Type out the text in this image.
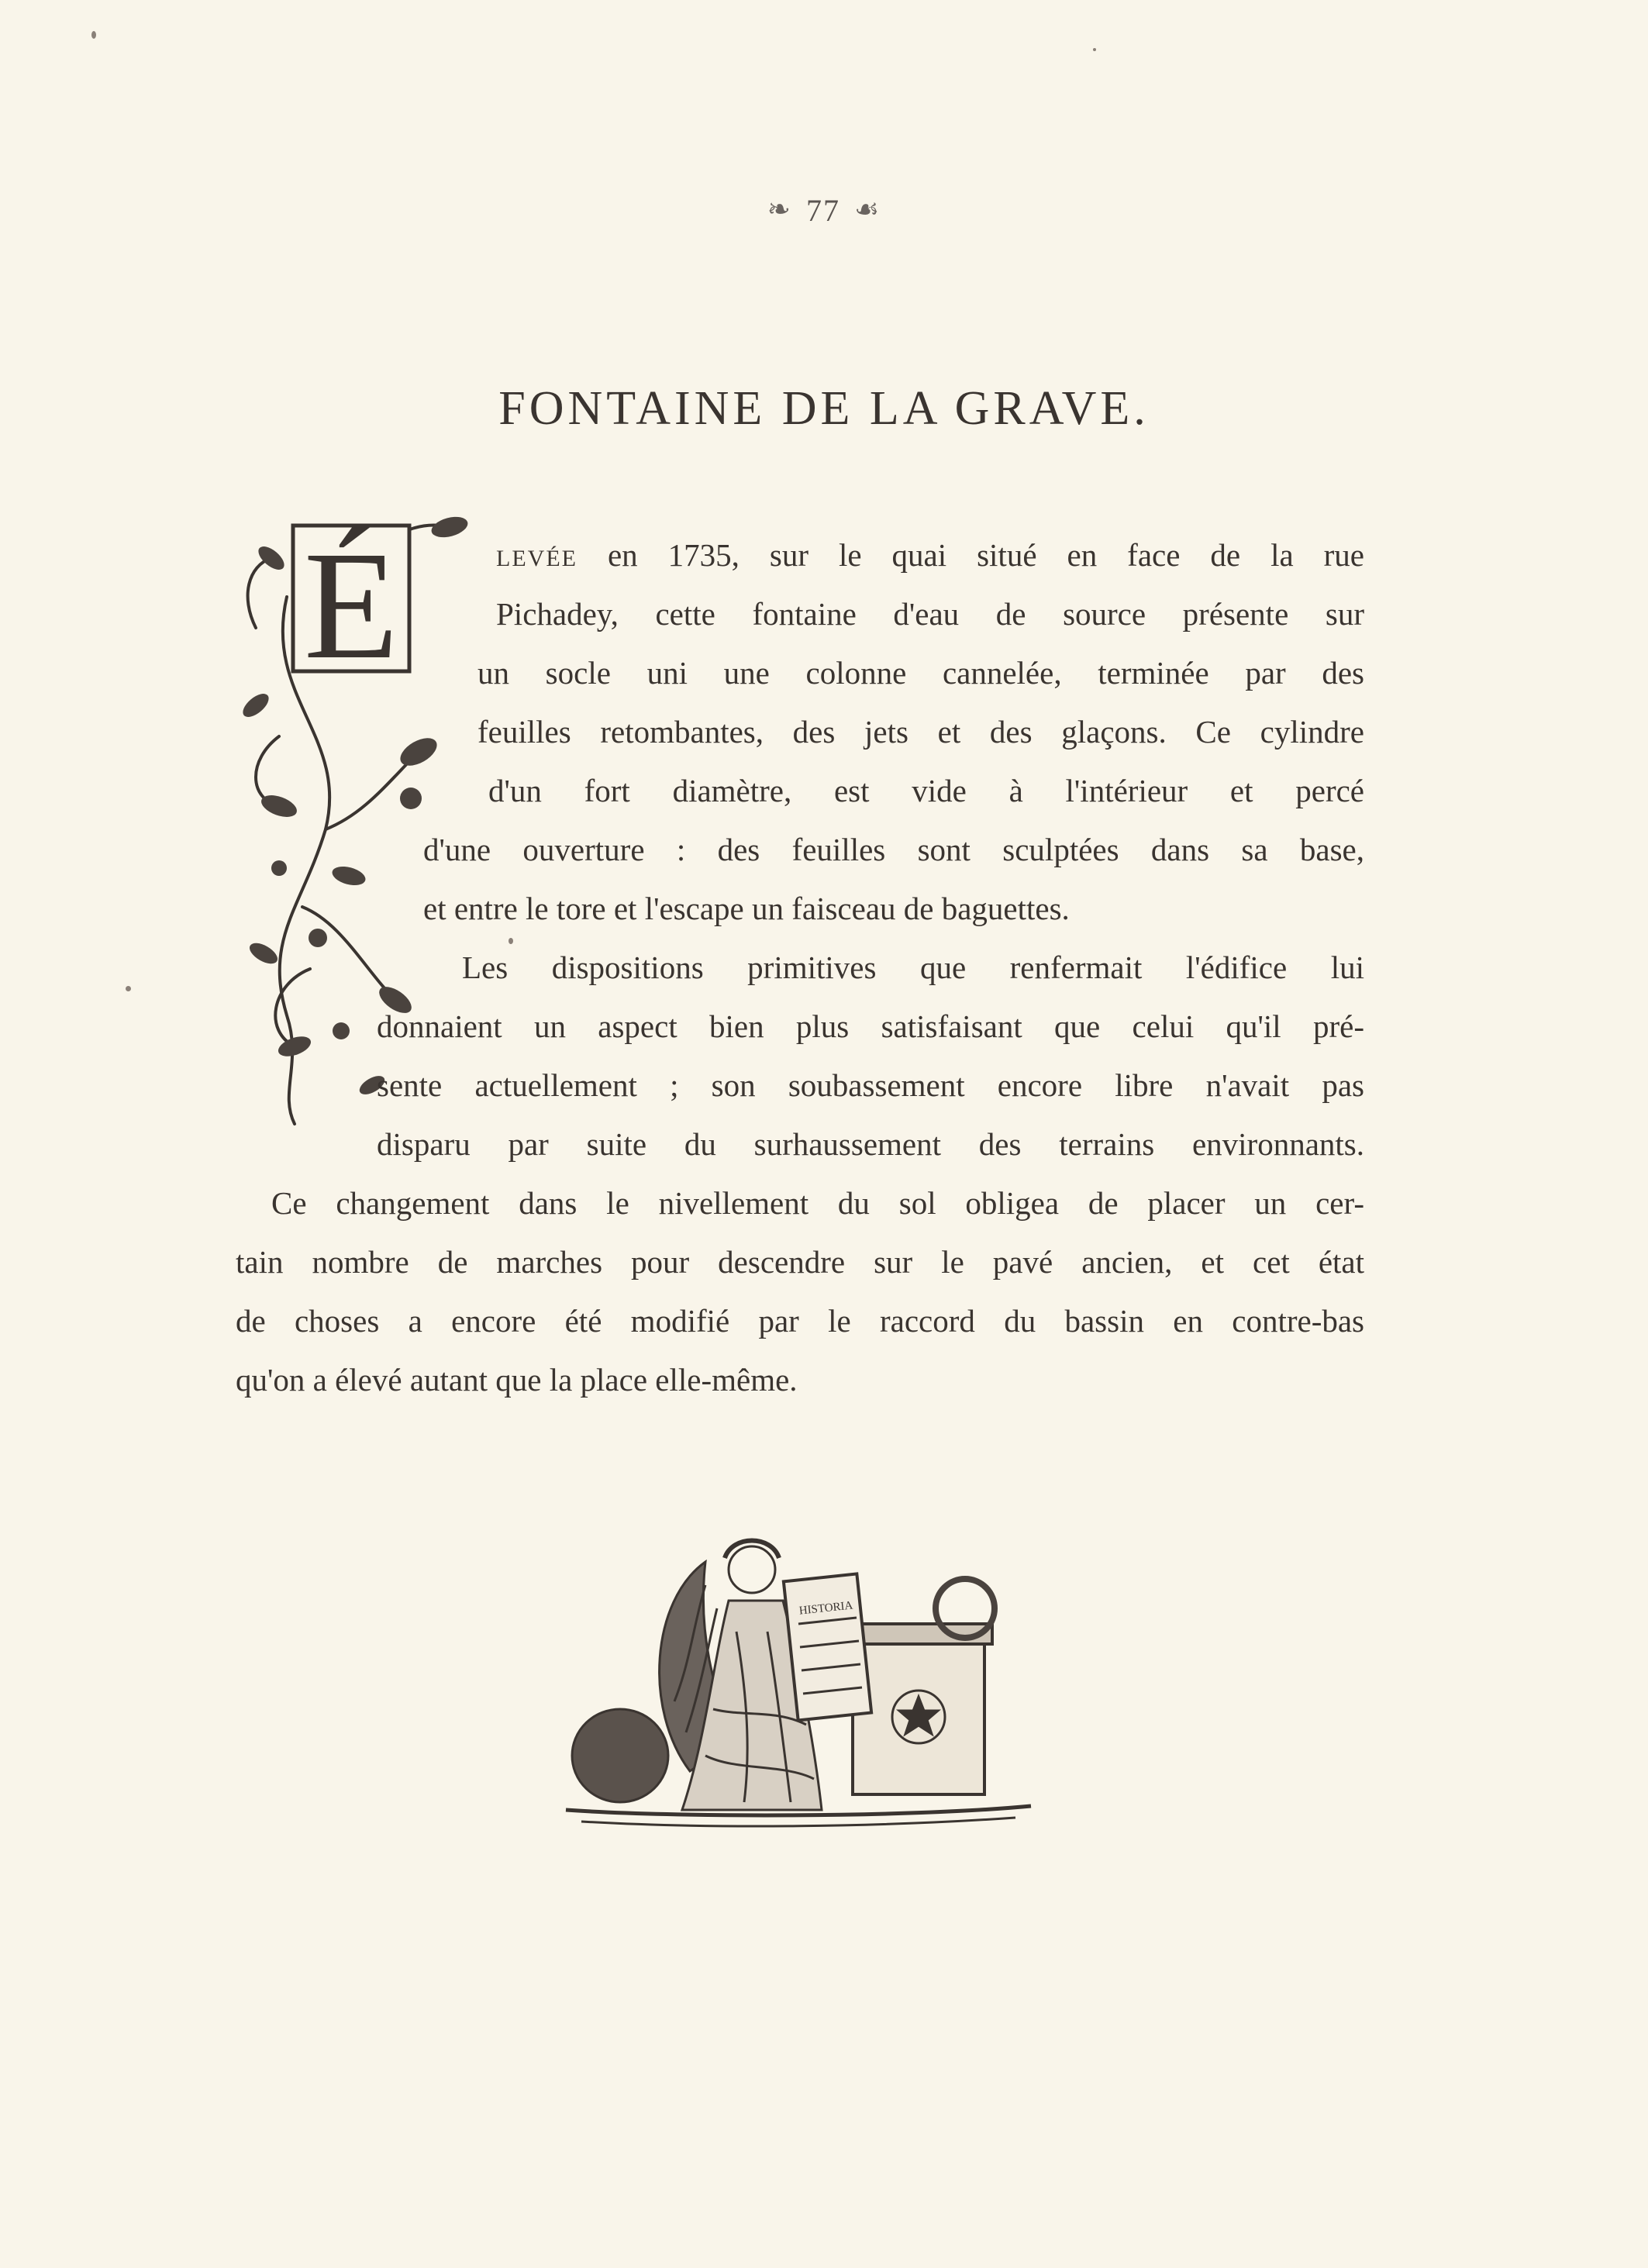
❧ 77 ☙
FONTAINE DE LA GRAVE.
É	LEVÉE en 1735, sur le quai situé en face de la rue
Pichadey, cette fontaine d'eau de source présente sur
un socle uni une colonne cannelée, terminée par des
feuilles retombantes, des jets et des glaçons. Ce cylindre
d'un fort diamètre, est vide à l'intérieur et percé
d'une ouverture : des feuilles sont sculptées dans sa base,
et entre le tore et l'escape un faisceau de baguettes.
Les dispositions primitives que renfermait l'édifice lui
donnaient un aspect bien plus satisfaisant que celui qu'il pré-
sente actuellement ; son soubassement encore libre n'avait pas
disparu par suite du surhaussement des terrains environnants.
Ce changement dans le nivellement du sol obligea de placer un cer-
tain nombre de marches pour descendre sur le pavé ancien, et cet état
de choses a encore été modifié par le raccord du bassin en contre-bas
qu'on a élevé autant que la place elle-même.
HISTORIA
